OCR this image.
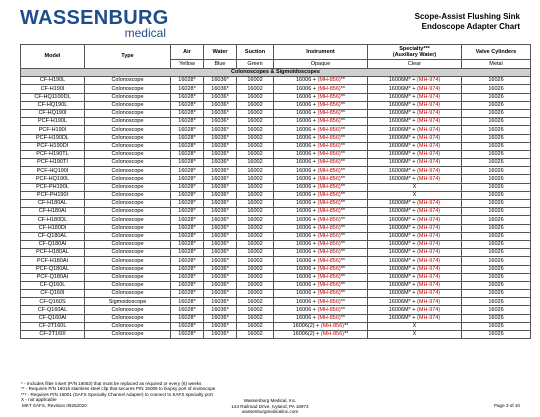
WASSENBURG
medical
Scope-Assist Flushing Sink
Endoscope Adapter Chart
Model	Type	Air	Water	Suction	Instrument	Specialty***
(Auxiliary Water)	Valve Cylinders
		Yellow	Blue	Green	Opaque	Clear	Metal
Colonoscopes & Sigmoidoscopes							
CF-H190L	Colonoscope	16028*	16036*	16002	16006 + (MH-856)**	16006M* + (MH-974)	16026
CF-H190I	Colonoscope	16028*	16036*	16002	16006 + (MH-856)**	16006M* + (MH-974)	16026
CF-HQ1100DL	Colonoscope	16028*	16036*	16002	16006 + (MH-856)**	16006M* + (MH-974)	16026
CF-HQ190L	Colonoscope	16028*	16036*	16002	16006 + (MH-856)**	16006M* + (MH-974)	16026
CF-HQ190I	Colonoscope	16028*	16036*	16002	16006 + (MH-856)**	16006M* + (MH-974)	16026
PCF-H190L	Colonoscope	16028*	16036*	16002	16006 + (MH-856)**	16006M* + (MH-974)	16026
PCF-H190I	Colonoscope	16028*	16036*	16002	16006 + (MH-856)**	16006M* + (MH-974)	16026
PCF-H190DL	Colonoscope	16028*	16036*	16002	16006 + (MH-856)**	16006M* + (MH-974)	16026
PCF-H190DI	Colonoscope	16028*	16036*	16002	16006 + (MH-856)**	16006M* + (MH-974)	16026
PCF-H190TL	Colonoscope	16028*	16036*	16002	16006 + (MH-856)**	16006M* + (MH-974)	16026
PCF-H190TI	Colonoscope	16028*	16036*	16002	16006 + (MH-856)**	16006M* + (MH-974)	16026
PCF-HQ190I	Colonoscope	16028*	16036*	16002	16006 + (MH-856)**	16006M* + (MH-974)	16026
PCF-HQ190L	Colonoscope	16028*	16036*	16002	16006 + (MH-856)**	16006M* + (MH-974)	16026
PCF-PH190L	Colonoscope	16028*	16036*	16002	16006 + (MH-856)**	X	16026
PCF-PH190I	Colonoscope	16028*	16036*	16002	16006 + (MH-856)**	X	16026
CF-H180AL	Colonoscope	16028*	16036*	16002	16006 + (MH-856)**	16006M* + (MH-974)	16026
CF-H180AI	Colonoscope	16028*	16036*	16002	16006 + (MH-856)**	16006M* + (MH-974)	16026
CF-H180DL	Colonoscope	16028*	16036*	16002	16006 + (MH-856)**	16006M* + (MH-974)	16026
CF-H180DI	Colonoscope	16028*	16036*	16002	16006 + (MH-856)**	16006M* + (MH-974)	16026
CF-Q180AL	Colonoscope	16028*	16036*	16002	16006 + (MH-856)**	16006M* + (MH-974)	16026
CF-Q180AI	Colonoscope	16028*	16036*	16002	16006 + (MH-856)**	16006M* + (MH-974)	16026
PCF-H180AL	Colonoscope	16028*	16036*	16002	16006 + (MH-856)**	16006M* + (MH-974)	16026
PCF-H180AI	Colonoscope	16028*	16036*	16002	16006 + (MH-856)**	16006M* + (MH-974)	16026
PCF-Q180AL	Colonoscope	16028*	16036*	16002	16006 + (MH-856)**	16006M* + (MH-974)	16026
PCF-Q180AI	Colonoscope	16028*	16036*	16002	16006 + (MH-856)**	16006M* + (MH-974)	16026
CF-Q160L	Colonoscope	16028*	16036*	16002	16006 + (MH-856)**	16006M* + (MH-974)	16026
CF-Q160I	Colonoscope	16028*	16036*	16002	16006 + (MH-856)**	16006M* + (MH-974)	16026
CF-Q160S	Sigmoidoscope	16028*	16036*	16002	16006 + (MH-856)**	16006M* + (MH-974)	16026
CF-Q160AL	Colonoscope	16028*	16036*	16002	16006 + (MH-856)**	16006M* + (MH-974)	16026
CF-Q160AI	Colonoscope	16028*	16036*	16002	16006 + (MH-856)**	16006M* + (MH-974)	16026
CF-2T160L	Colonoscope	16028*	16036*	16002	16006(2) + (MH-856)**	X	16026
CF-2T160I	Colonoscope	16028*	16036*	16002	16006(2) + (MH-856)**	X	16026
* - Includes filter insert (P/N 16053) that must be replaced as required or every (6) weeks
** - Requires P/N 16015 stainless steel clip that secures P/N 16006 to biopsy port of endoscope
*** - Requires P/N 16001 (SAFS Specialty Channel Adapter) to connect to SAFS specialty port
X - not applicable
MKT SAFS, Revision 09252020
Wassenburg Medical, Inc.
144 Railroad Drive, Ivyland, PA 18974
wassenburgmedicalinc.com
Page 3 of 10
